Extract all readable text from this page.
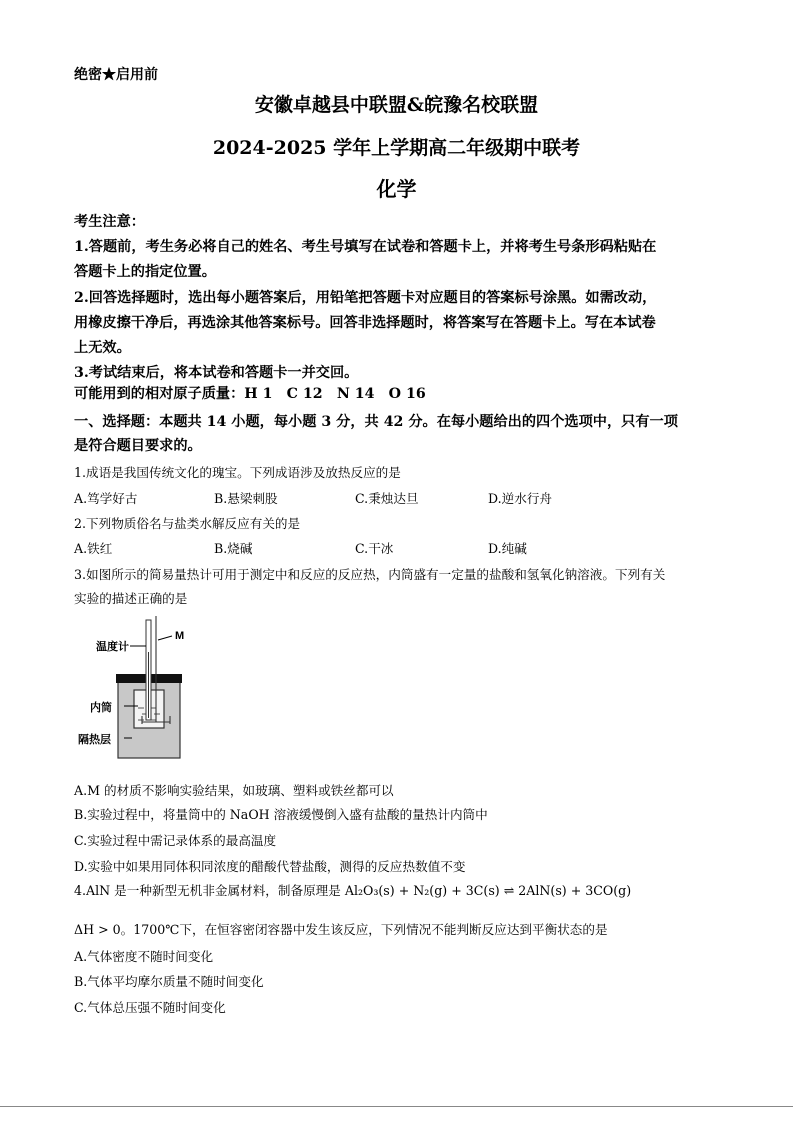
绝密★启用前
安徽卓越县中联盟&皖豫名校联盟
2024-2025 学年上学期高二年级期中联考
化学
考生注意：
1.答题前，考生务必将自己的姓名、考生号填写在试卷和答题卡上，并将考生号条形码粘贴在
答题卡上的指定位置。
2.回答选择题时，选出每小题答案后，用铅笔把答题卡对应题目的答案标号涂黑。如需改动，
用橡皮擦干净后，再选涂其他答案标号。回答非选择题时，将答案写在答题卡上。写在本试卷
上无效。
3.考试结束后，将本试卷和答题卡一并交回。
可能用到的相对原子质量：H 1　C 12　N 14　O 16
一、选择题：本题共 14 小题，每小题 3 分，共 42 分。在每小题给出的四个选项中，只有一项
是符合题目要求的。
1.成语是我国传统文化的瑰宝。下列成语涉及放热反应的是
A.笃学好古	B.悬梁刺股	C.秉烛达旦	D.逆水行舟
2.下列物质俗名与盐类水解反应有关的是
A.铁红	B.烧碱	C.干冰	D.纯碱
3.如图所示的简易量热计可用于测定中和反应的反应热，内筒盛有一定量的盐酸和氢氧化钠溶液。下列有关
实验的描述正确的是
温度计
M
内筒
隔热层
A.M 的材质不影响实验结果，如玻璃、塑料或铁丝都可以
B.实验过程中，将量筒中的 NaOH 溶液缓慢倒入盛有盐酸的量热计内筒中
C.实验过程中需记录体系的最高温度
D.实验中如果用同体积同浓度的醋酸代替盐酸，测得的反应热数值不变
4.AlN 是一种新型无机非金属材料，制备原理是 Al₂O₃(s) + N₂(g) + 3C(s) ⇌ 2AlN(s) + 3CO(g)
ΔH > 0。1700℃下，在恒容密闭容器中发生该反应，下列情况不能判断反应达到平衡状态的是
A.气体密度不随时间变化
B.气体平均摩尔质量不随时间变化
C.气体总压强不随时间变化
